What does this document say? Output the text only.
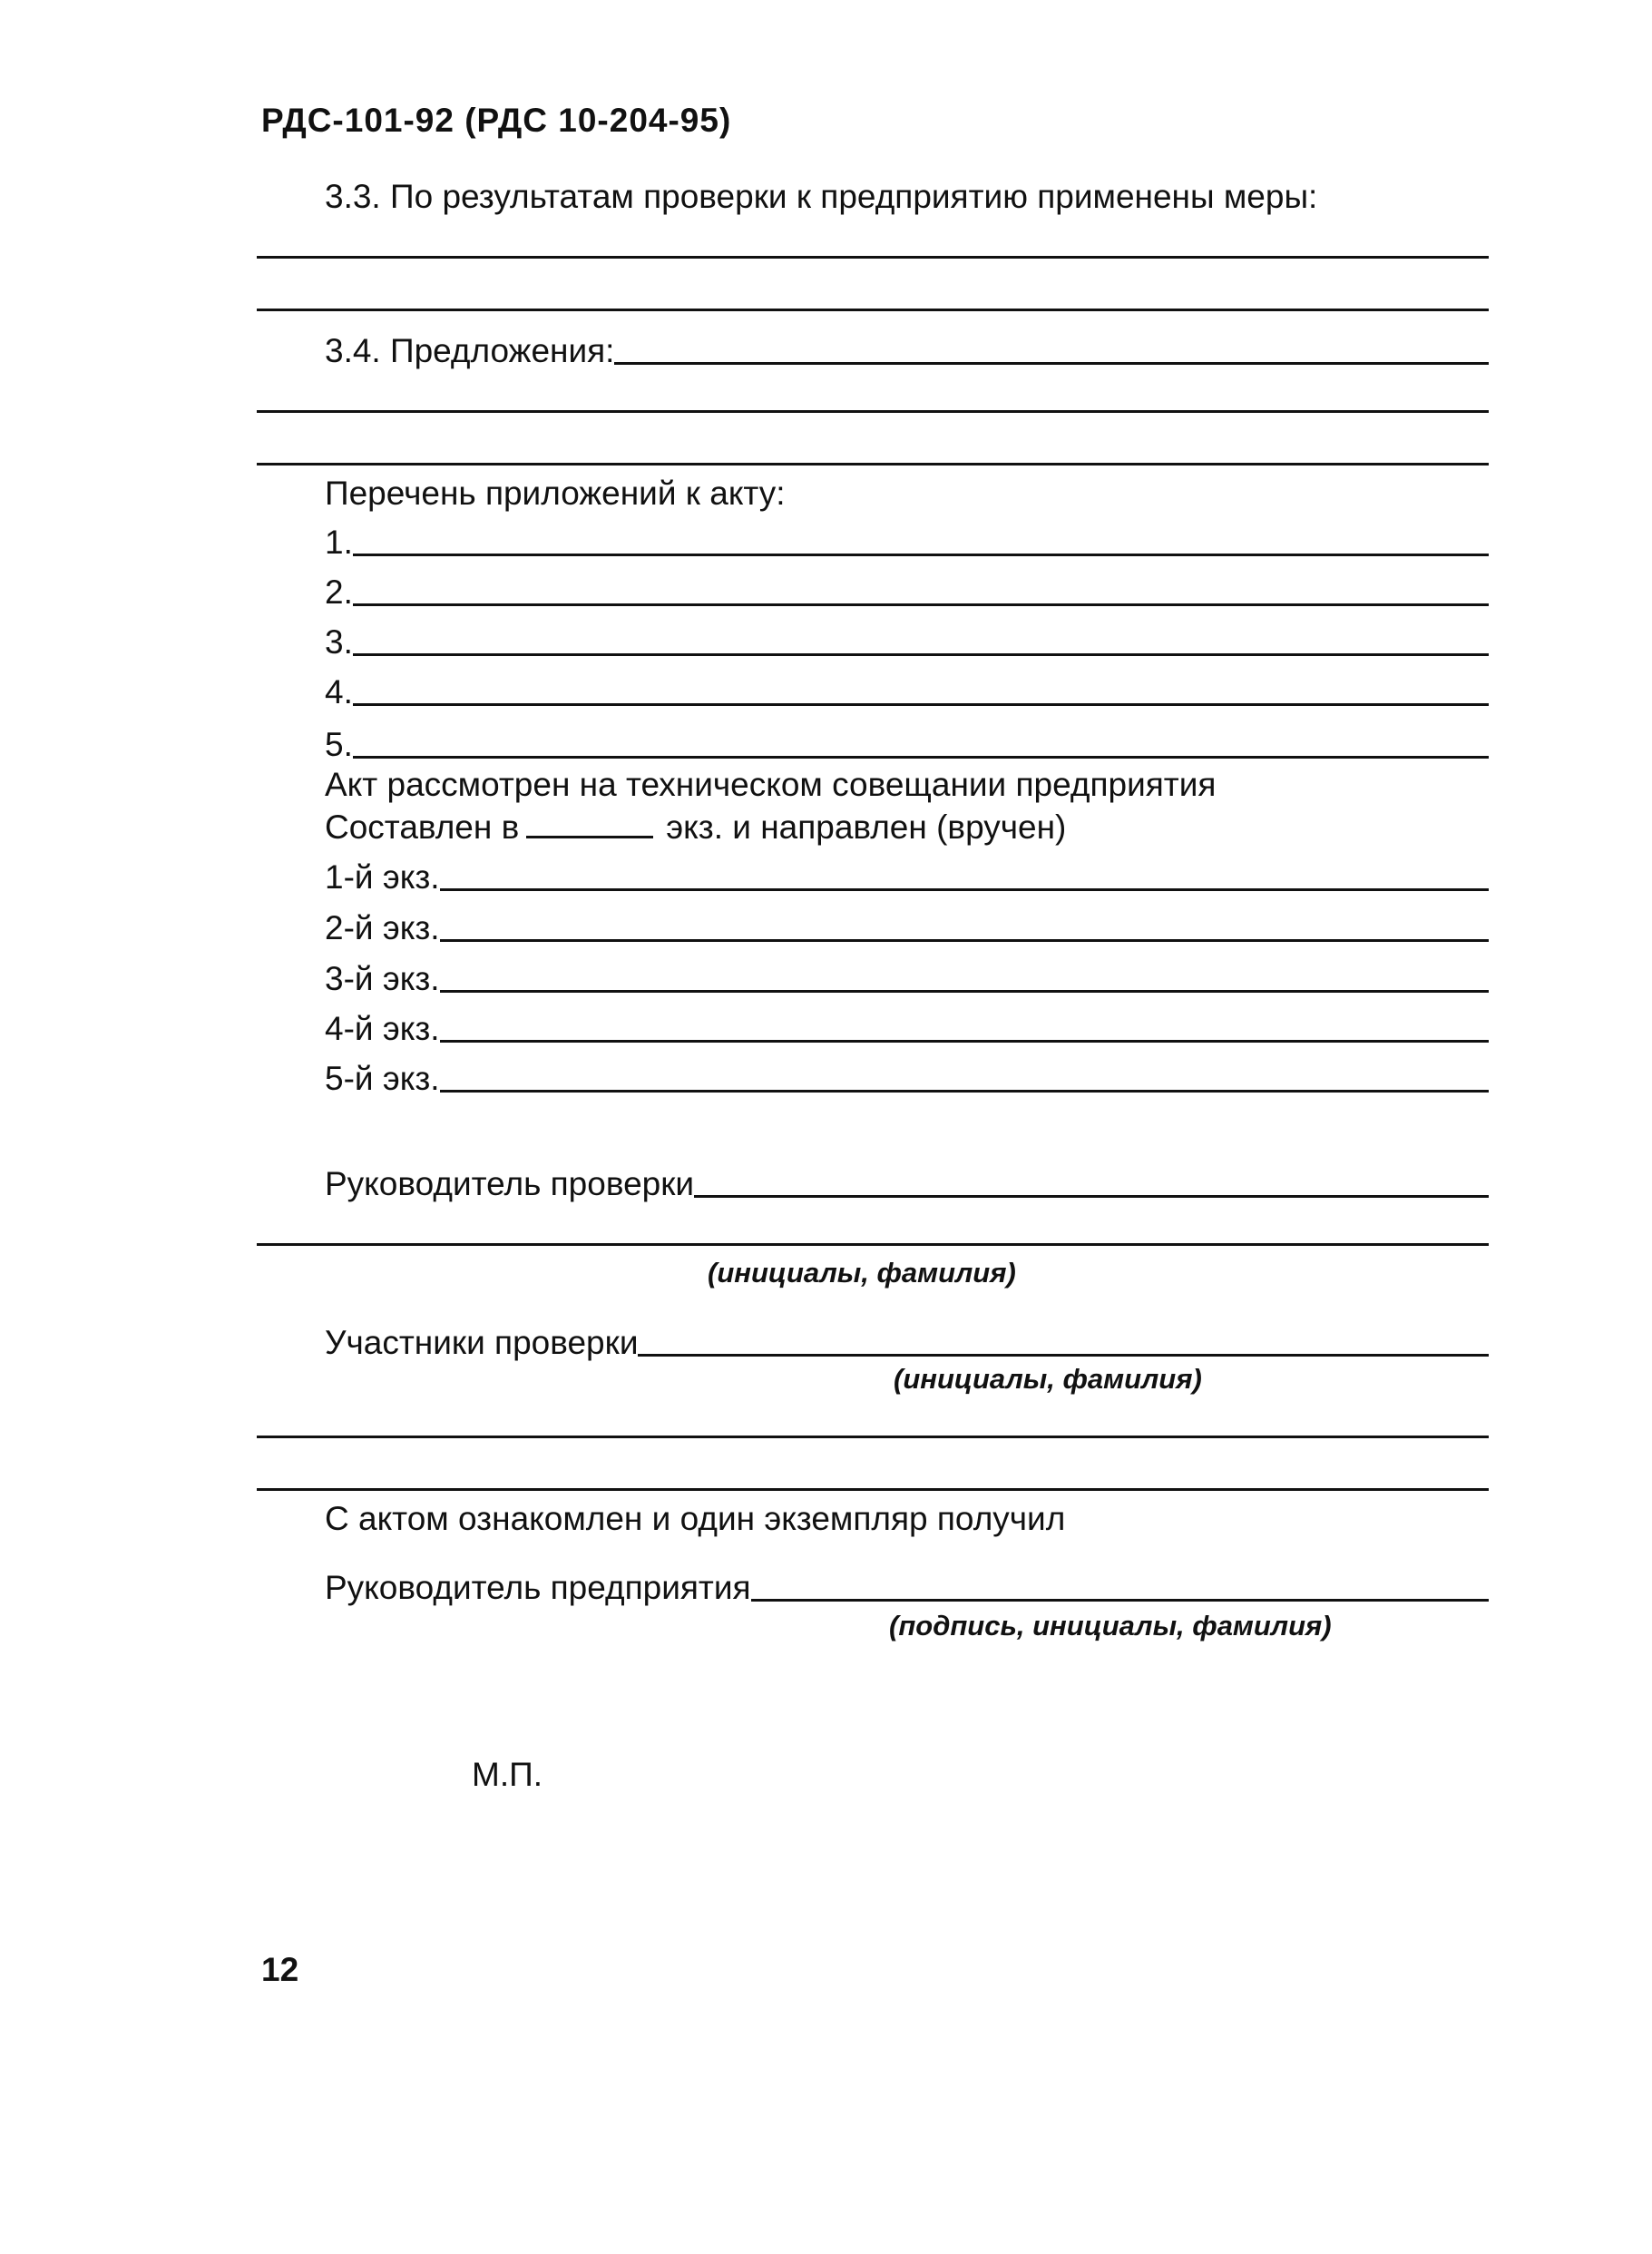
РДС-101-92 (РДС 10-204-95)
3.3. По результатам проверки к предприятию применены меры:
3.4. Предложения:
Перечень приложений к акту:
1.
2.
3.
4.
5.
Акт рассмотрен на техническом совещании предприятия
Составлен в	экз. и направлен (вручен)
1-й экз.
2-й экз.
3-й экз.
4-й экз.
5-й экз.
Руководитель проверки
(инициалы, фамилия)
Участники проверки
(инициалы, фамилия)
С актом ознакомлен и один экземпляр получил
Руководитель предприятия
(подпись, инициалы, фамилия)
М.П.
12
